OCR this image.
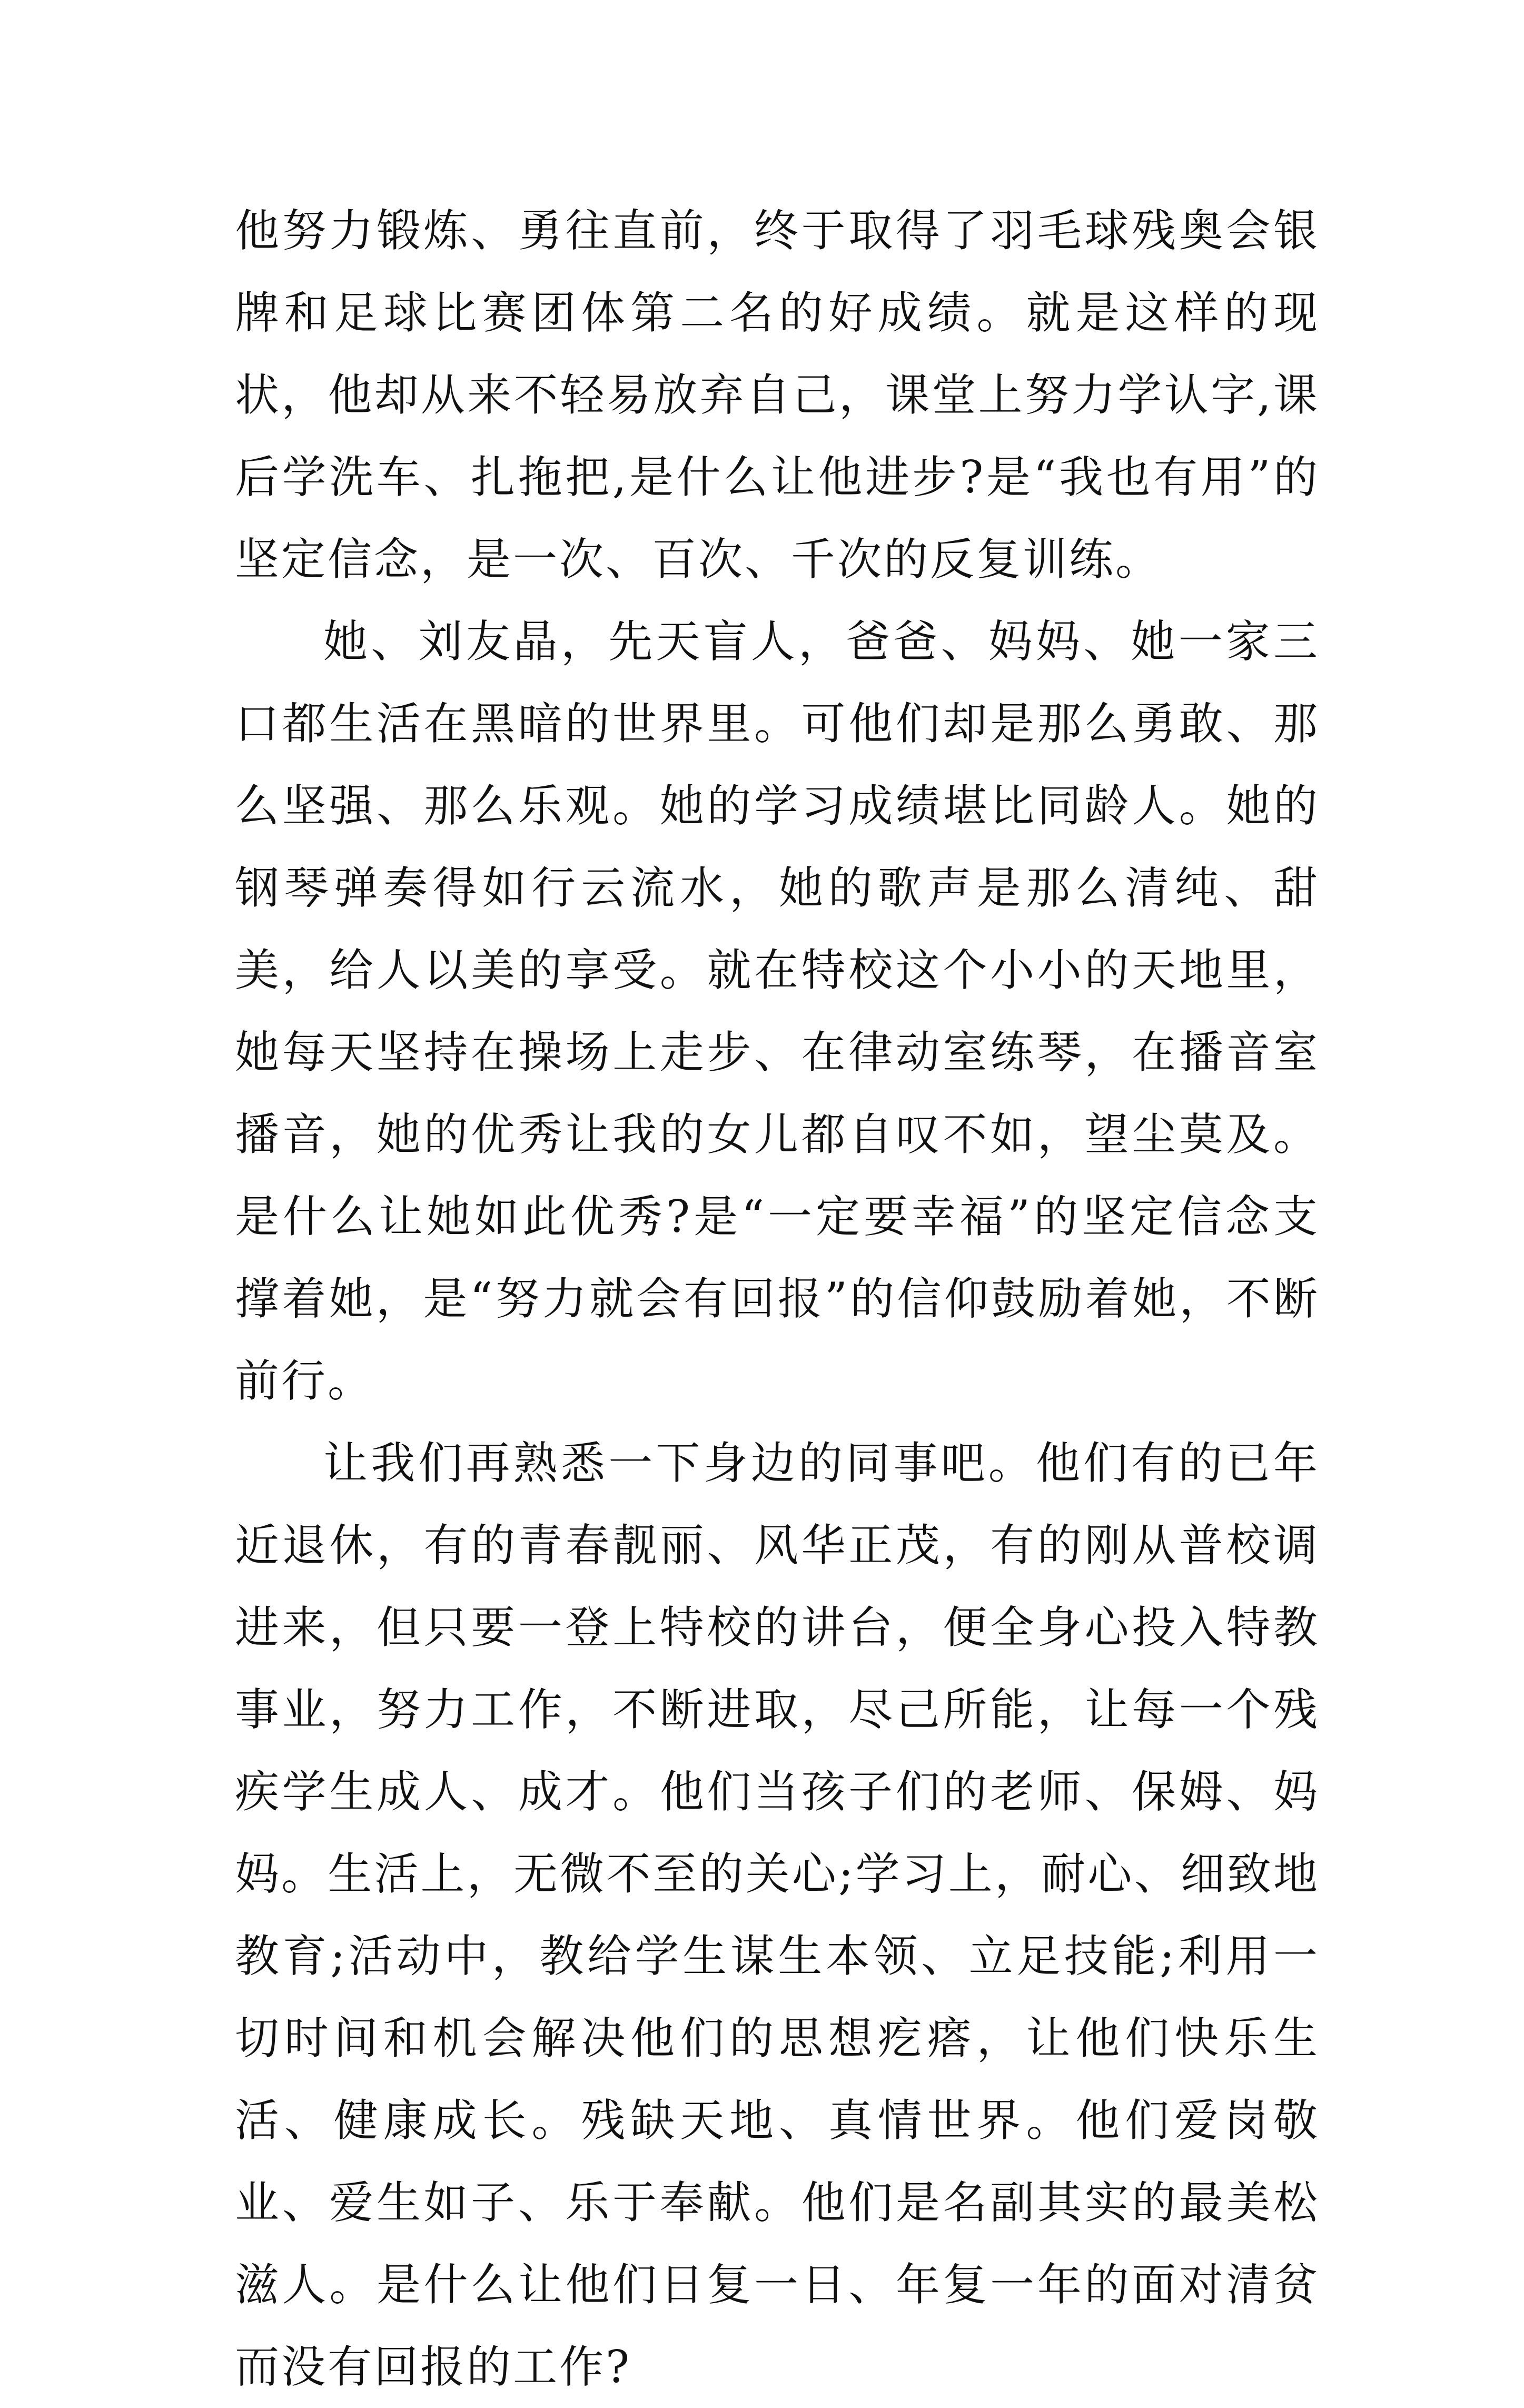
他努力锻炼、勇往直前，终于取得了羽毛球残奥会银牌和足球比赛团体第二名的好成绩。就是这样的现状，他却从来不轻易放弃自己，课堂上努力学认字,课后学洗车、扎拖把,是什么让他进步?是“我也有用”的坚定信念，是一次、百次、千次的反复训练。

她、刘友晶，先天盲人，爸爸、妈妈、她一家三口都生活在黑暗的世界里。可他们却是那么勇敢、那么坚强、那么乐观。她的学习成绩堪比同龄人。她的钢琴弹奏得如行云流水，她的歌声是那么清纯、甜美，给人以美的享受。就在特校这个小小的天地里，她每天坚持在操场上走步、在律动室练琴，在播音室播音，她的优秀让我的女儿都自叹不如，望尘莫及。是什么让她如此优秀?是“一定要幸福”的坚定信念支撑着她，是“努力就会有回报”的信仰鼓励着她，不断前行。

让我们再熟悉一下身边的同事吧。他们有的已年近退休，有的青春靓丽、风华正茂，有的刚从普校调进来，但只要一登上特校的讲台，便全身心投入特教事业，努力工作，不断进取，尽己所能，让每一个残疾学生成人、成才。他们当孩子们的老师、保姆、妈妈。生活上，无微不至的关心;学习上，耐心、细致地教育;活动中，教给学生谋生本领、立足技能;利用一切时间和机会解决他们的思想疙瘩，让他们快乐生活、健康成长。残缺天地、真情世界。他们爱岗敬业、爱生如子、乐于奉献。他们是名副其实的最美松滋人。是什么让他们日复一日、年复一年的面对清贫而没有回报的工作?
